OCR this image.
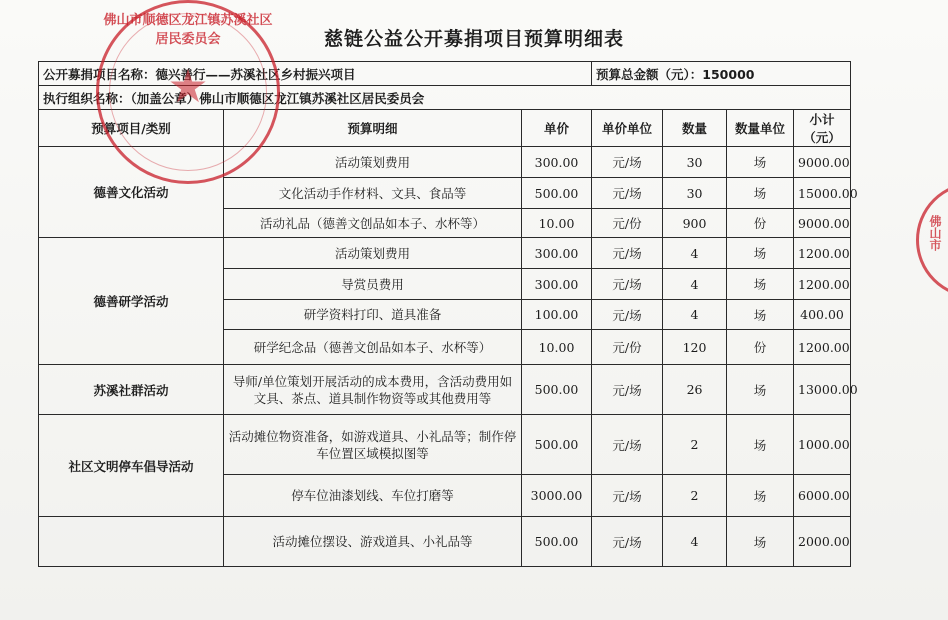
慈链公益公开募捐项目预算明细表
公开募捐项目名称：德兴善行——苏溪社区乡村振兴项目			预算总金额（元）：150000			
执行组织名称：（加盖公章）佛山市顺德区龙江镇苏溪社区居民委员会						
预算项目/类别	预算明细	单价	单价单位	数量	数量单位	小计（元）
德善文化活动	活动策划费用	300.00	元/场	30	场	9000.00
	文化活动手作材料、文具、食品等	500.00	元/场	30	场	15000.00
	活动礼品（德善文创品如本子、水杯等）	10.00	元/份	900	份	9000.00
德善研学活动	活动策划费用	300.00	元/场	4	场	1200.00
	导赏员费用	300.00	元/场	4	场	1200.00
	研学资料打印、道具准备	100.00	元/场	4	场	400.00
	研学纪念品（德善文创品如本子、水杯等）	10.00	元/份	120	份	1200.00
苏溪社群活动	导师/单位策划开展活动的成本费用，含活动费用如文具、茶点、道具制作物资等或其他费用等	500.00	元/场	26	场	13000.00
社区文明停车倡导活动	活动摊位物资准备，如游戏道具、小礼品等；制作停车位置区域模拟图等	500.00	元/场	2	场	1000.00
	停车位油漆划线、车位打磨等	3000.00	元/场	2	场	6000.00
	活动摊位摆设、游戏道具、小礼品等	500.00	元/场	4	场	2000.00
佛山市顺德区龙江镇苏溪社区居民委员会
★
佛山市
